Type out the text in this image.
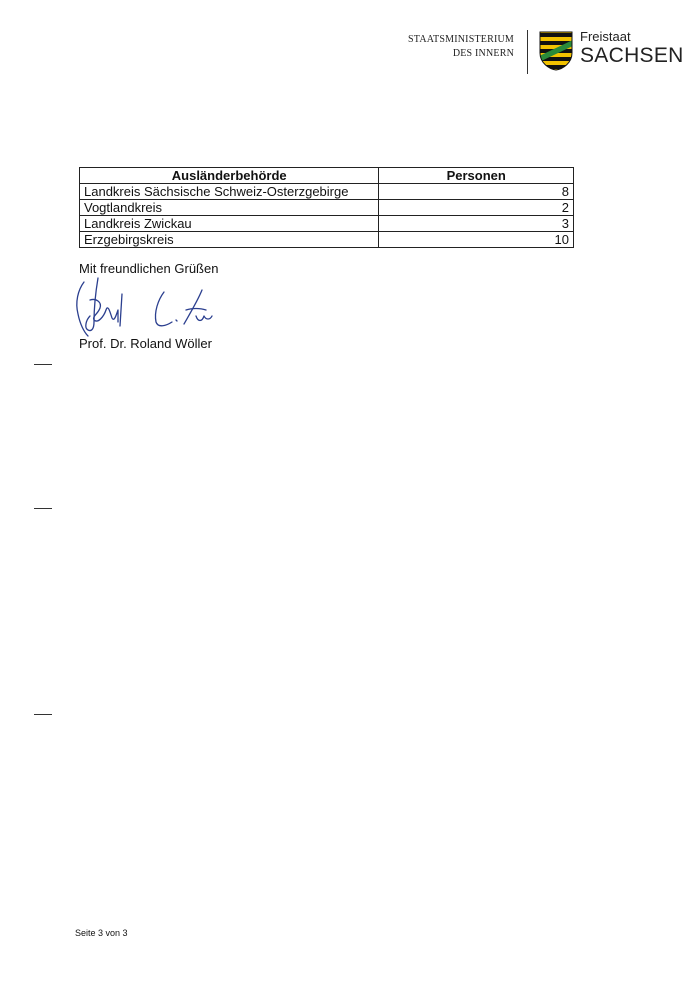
STAATSMINISTERIUM
DES INNERN
Freistaat
SACHSEN
Ausländerbehörde	Personen
Landkreis Sächsische Schweiz-Osterzgebirge	8
Vogtlandkreis	2
Landkreis Zwickau	3
Erzgebirgskreis	10
Mit freundlichen Grüßen
Prof. Dr. Roland Wöller
Seite 3 von 3
